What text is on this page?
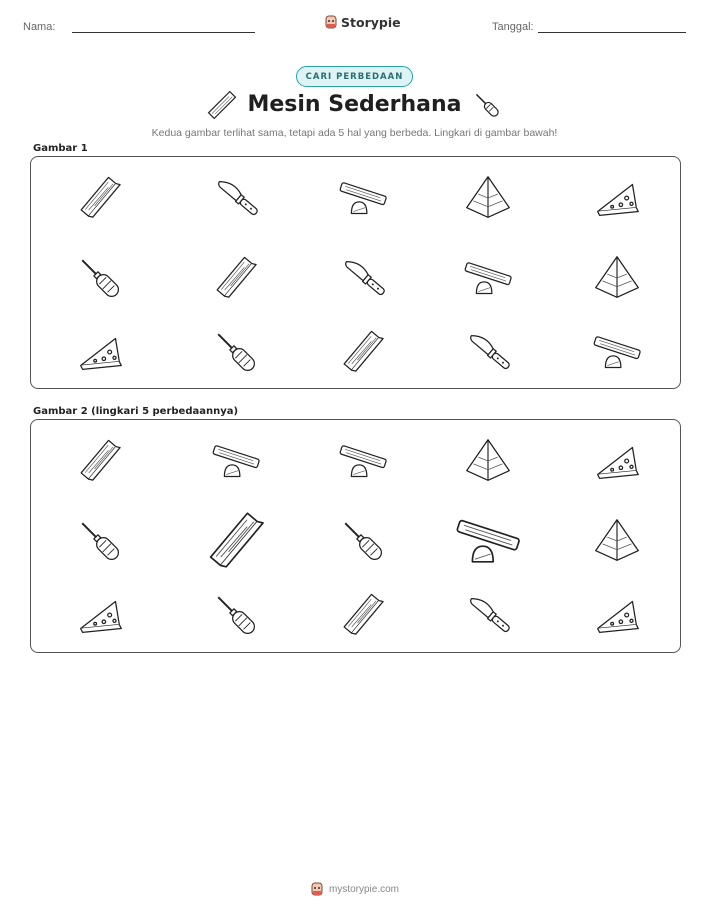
Nama:	Storypie	Tanggal:
CARI PERBEDAAN
Mesin Sederhana
Kedua gambar terlihat sama, tetapi ada 5 hal yang berbeda. Lingkari di gambar bawah!
Gambar 1
Gambar 2 (lingkari 5 perbedaannya)
mystorypie.com
